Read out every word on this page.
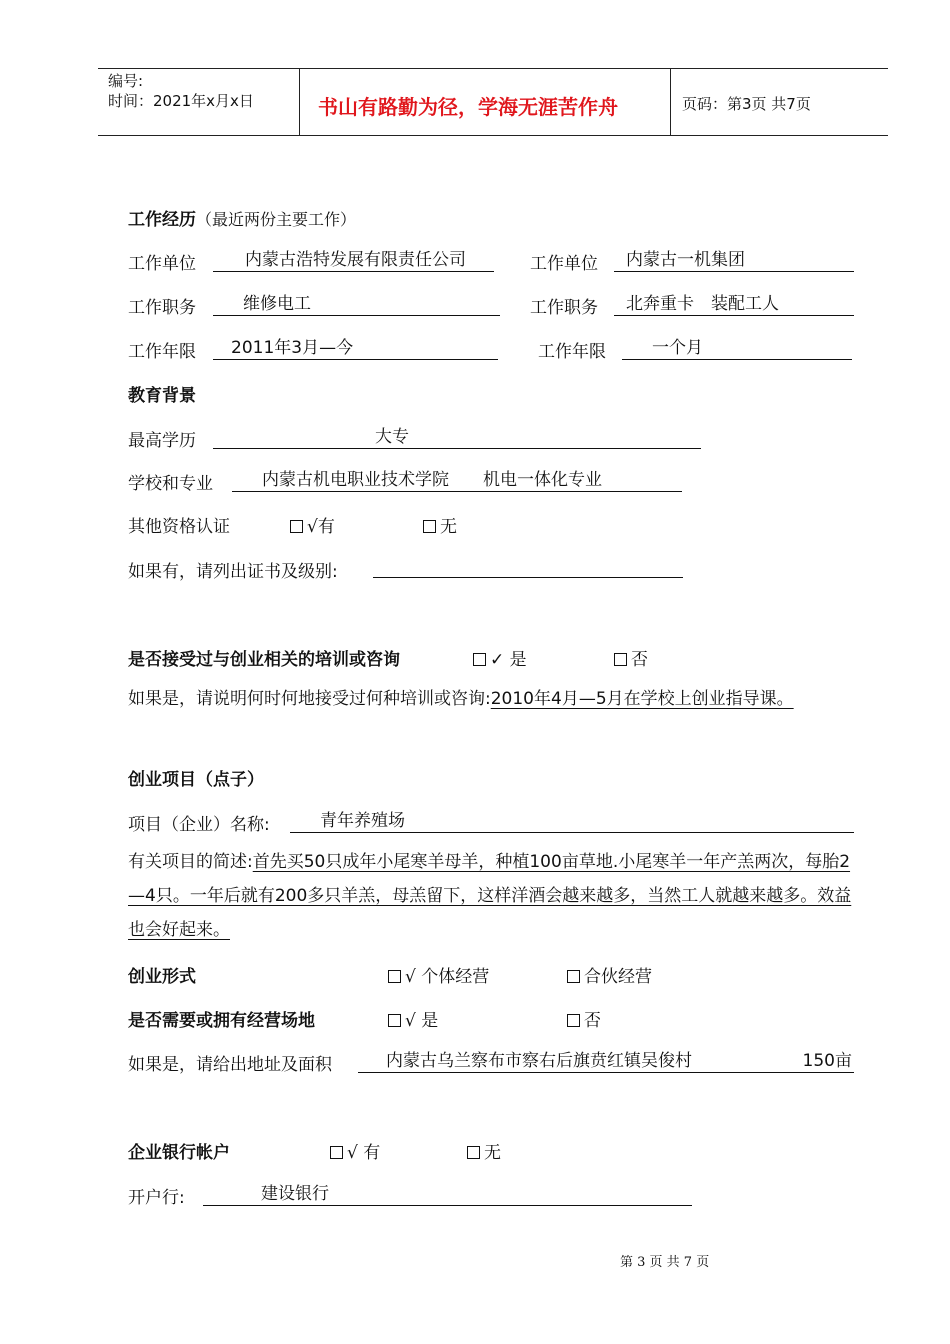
编号:
时间：2021年x月x日	书山有路勤为径，学海无涯苦作舟	页码：第3页 共7页
工作经历（最近两份主要工作）
工作单位	内蒙古浩特发展有限责任公司	工作单位	内蒙古一机集团
工作职务	维修电工	工作职务	北奔重卡　装配工人
工作年限	2011年3月—今	工作年限	一个月
教育背景
最高学历	大专
学校和专业	内蒙古机电职业技术学院　　机电一体化专业
其他资格认证	√有	无
如果有，请列出证书及级别:
是否接受过与创业相关的培训或咨询	✓ 是	否
如果是，请说明何时何地接受过何种培训或咨询:2010年4月—5月在学校上创业指导课。
创业项目（点子）
项目（企业）名称:	青年养殖场
有关项目的简述:首先买50只成年小尾寒羊母羊，种植100亩草地.小尾寒羊一年产羔两次，每胎2—4只。一年后就有200多只羊羔，母羔留下，这样洋酒会越来越多，当然工人就越来越多。效益也会好起来。
创业形式	√ 个体经营	合伙经营
是否需要或拥有经营场地	√ 是	否
如果是，请给出地址及面积	内蒙古乌兰察布市察右后旗贲红镇吴俊村	150亩
企业银行帐户	√ 有	无
开户行:	建设银行
第 3 页 共 7 页
